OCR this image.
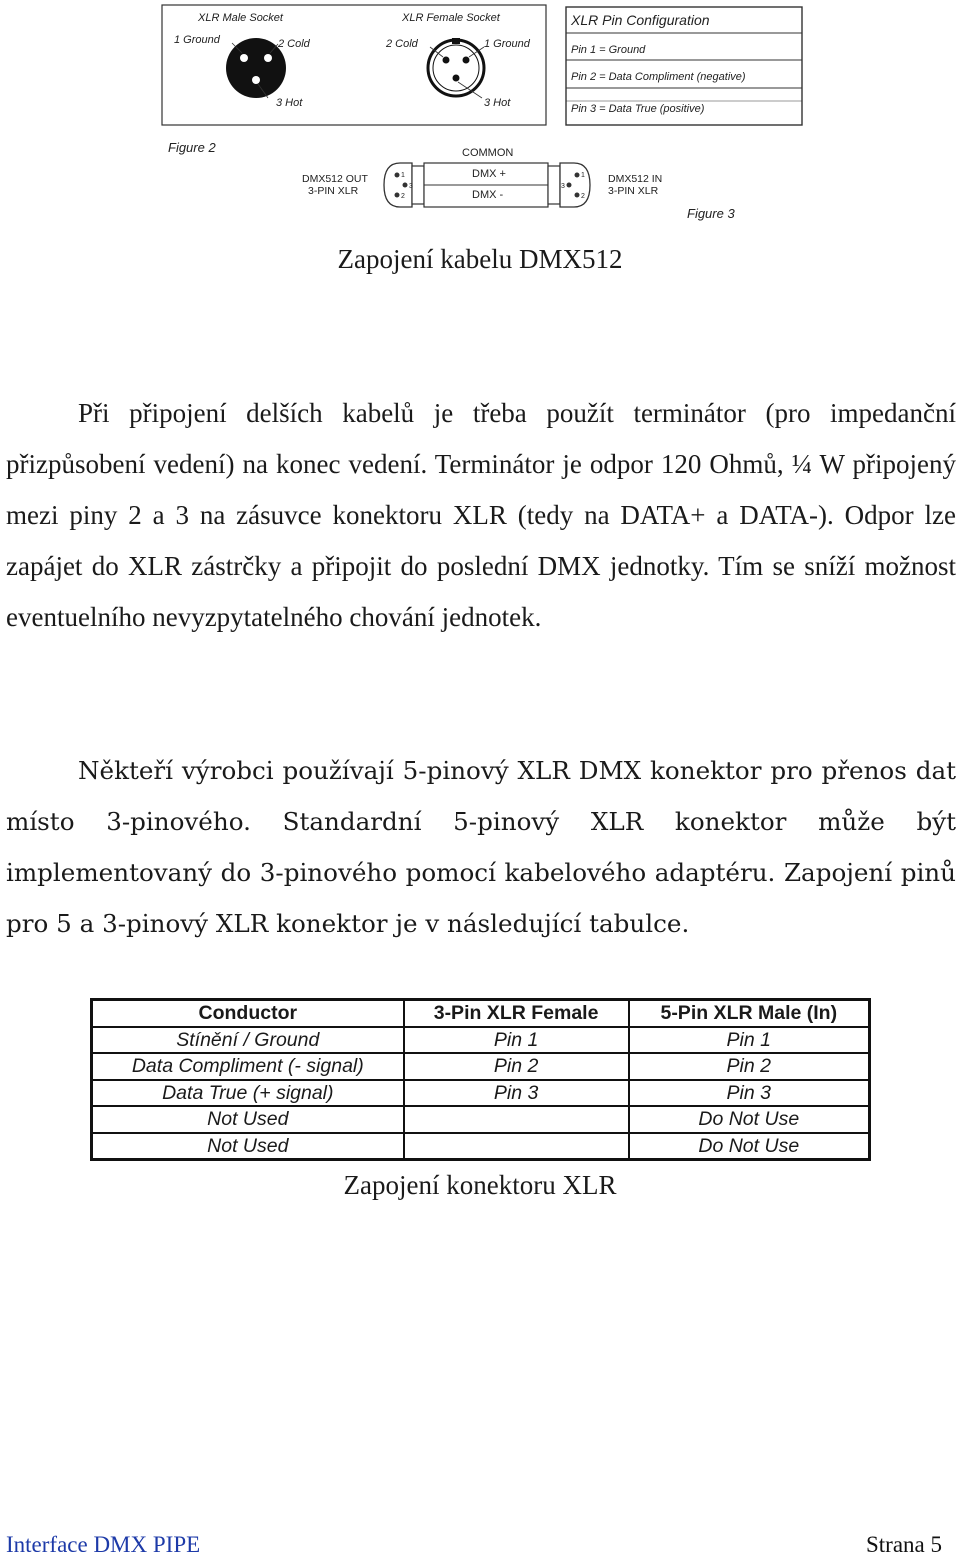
XLR Male Socket	XLR Female Socket
1 Ground	2 Cold
3 Hot
2 Cold	1 Ground
3 Hot
XLR Pin Configuration
Pin 1 = Ground
Pin 2 = Data Compliment (negative)
Pin 3 = Data True (positive)
Figure 2	COMMON
1
3
2
1
3
2
DMX +
DMX -
DMX512 OUT
3-PIN XLR
DMX512 IN
3-PIN XLR
Figure 3
Zapojení kabelu DMX512

Při připojení delších kabelů je třeba použít terminátor (pro impedanční přizpůsobení vedení) na konec vedení. Terminátor je odpor 120 Ohmů, ¼ W připojený mezi piny 2 a 3 na zásuvce konektoru XLR (tedy na DATA+ a DATA-). Odpor lze zapájet do XLR zástrčky a připojit do poslední DMX jednotky. Tím se sníží možnost eventuelního nevyzpytatelného chování jednotek.

Někteří výrobci používají 5-pinový XLR DMX konektor pro přenos dat místo 3-pinového. Standardní 5-pinový XLR konektor může být implementovaný do 3-pinového pomocí kabelového adaptéru. Zapojení pinů pro 5 a 3-pinový XLR konektor je v následující tabulce.

Conductor	3-Pin XLR Female	5-Pin XLR Male (In)
Stínění / Ground	Pin 1	Pin 1
Data Compliment (- signal)	Pin 2	Pin 2
Data True (+ signal)	Pin 3	Pin 3
Not Used		Do Not Use
Not Used		Do Not Use
Zapojení konektoru XLR
Interface DMX PIPE	Strana 5
